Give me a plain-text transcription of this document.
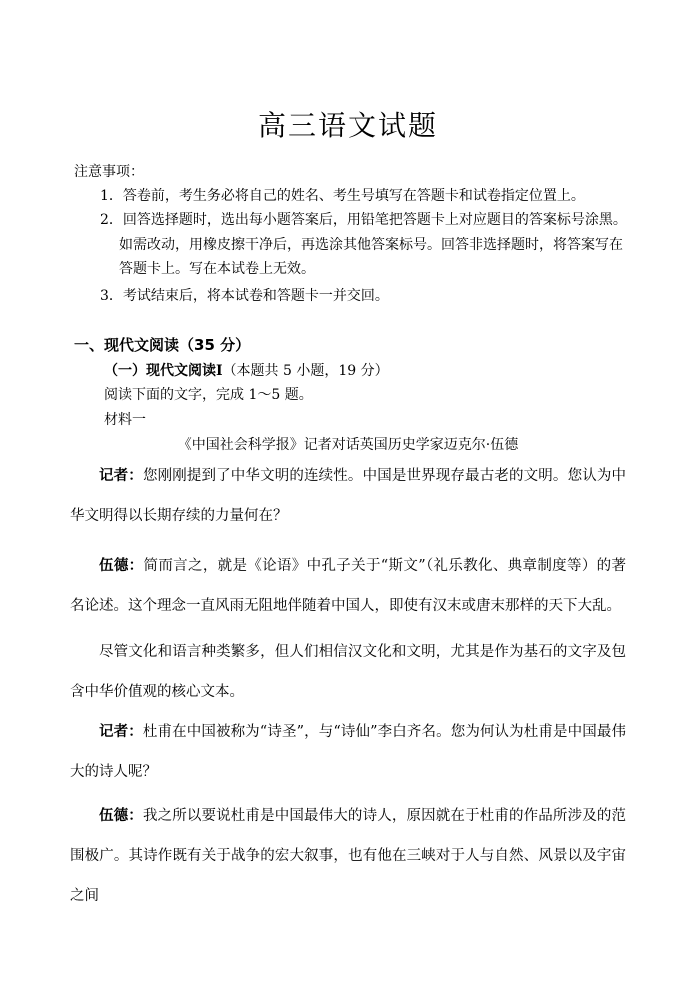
高三语文试题
注意事项：
1．答卷前，考生务必将自己的姓名、考生号填写在答题卡和试卷指定位置上。
2．回答选择题时，选出每小题答案后，用铅笔把答题卡上对应题目的答案标号涂黑。
如需改动，用橡皮擦干净后，再选涂其他答案标号。回答非选择题时，将答案写在
答题卡上。写在本试卷上无效。
3．考试结束后，将本试卷和答题卡一并交回。
一、现代文阅读（35 分）
（一）现代文阅读Ⅰ（本题共 5 小题，19 分）
阅读下面的文字，完成 1～5 题。
材料一
《中国社会科学报》记者对话英国历史学家迈克尔·伍德
记者：您刚刚提到了中华文明的连续性。中国是世界现存最古老的文明。您认为中华文明得以长期存续的力量何在？
伍德：简而言之，就是《论语》中孔子关于“斯文”（礼乐教化、典章制度等）的著名论述。这个理念一直风雨无阻地伴随着中国人，即使有汉末或唐末那样的天下大乱。
尽管文化和语言种类繁多，但人们相信汉文化和文明，尤其是作为基石的文字及包含中华价值观的核心文本。
记者：杜甫在中国被称为“诗圣”，与“诗仙”李白齐名。您为何认为杜甫是中国最伟大的诗人呢？
伍德：我之所以要说杜甫是中国最伟大的诗人，原因就在于杜甫的作品所涉及的范围极广。其诗作既有关于战争的宏大叙事，也有他在三峡对于人与自然、风景以及宇宙之间
